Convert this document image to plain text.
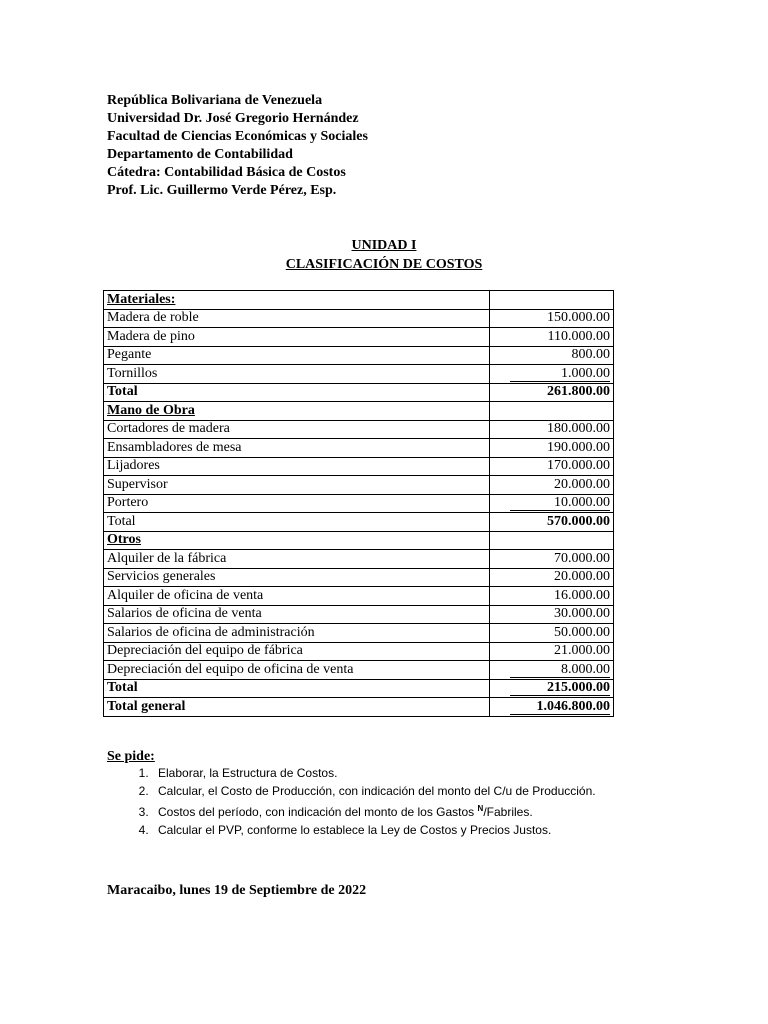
República Bolivariana de Venezuela
Universidad Dr. José Gregorio Hernández
Facultad de Ciencias Económicas y Sociales
Departamento de Contabilidad
Cátedra: Contabilidad Básica de Costos
Prof. Lic. Guillermo Verde Pérez, Esp.
UNIDAD I
CLASIFICACIÓN DE COSTOS
Materiales:	
Madera de roble	150.000.00
Madera de pino	110.000.00
Pegante	800.00
Tornillos	1.000.00
Total	261.800.00
Mano de Obra	
Cortadores de madera	180.000.00
Ensambladores de mesa	190.000.00
Lijadores	170.000.00
Supervisor	20.000.00
Portero	10.000.00
Total	570.000.00
Otros	
Alquiler de la fábrica	70.000.00
Servicios generales	20.000.00
Alquiler de oficina de venta	16.000.00
Salarios de oficina de venta	30.000.00
Salarios de oficina de administración	50.000.00
Depreciación del equipo de fábrica	21.000.00
Depreciación del equipo de oficina de venta	8.000.00
Total	215.000.00
Total general	1.046.800.00
Se pide:
1. Elaborar, la Estructura de Costos.
2. Calcular, el Costo de Producción, con indicación del monto del C/u de Producción.
3. Costos del período, con indicación del monto de los Gastos $^N$/Fabriles.
4. Calcular el PVP, conforme lo establece la Ley de Costos y Precios Justos.
Maracaibo, lunes 19 de Septiembre de 2022
